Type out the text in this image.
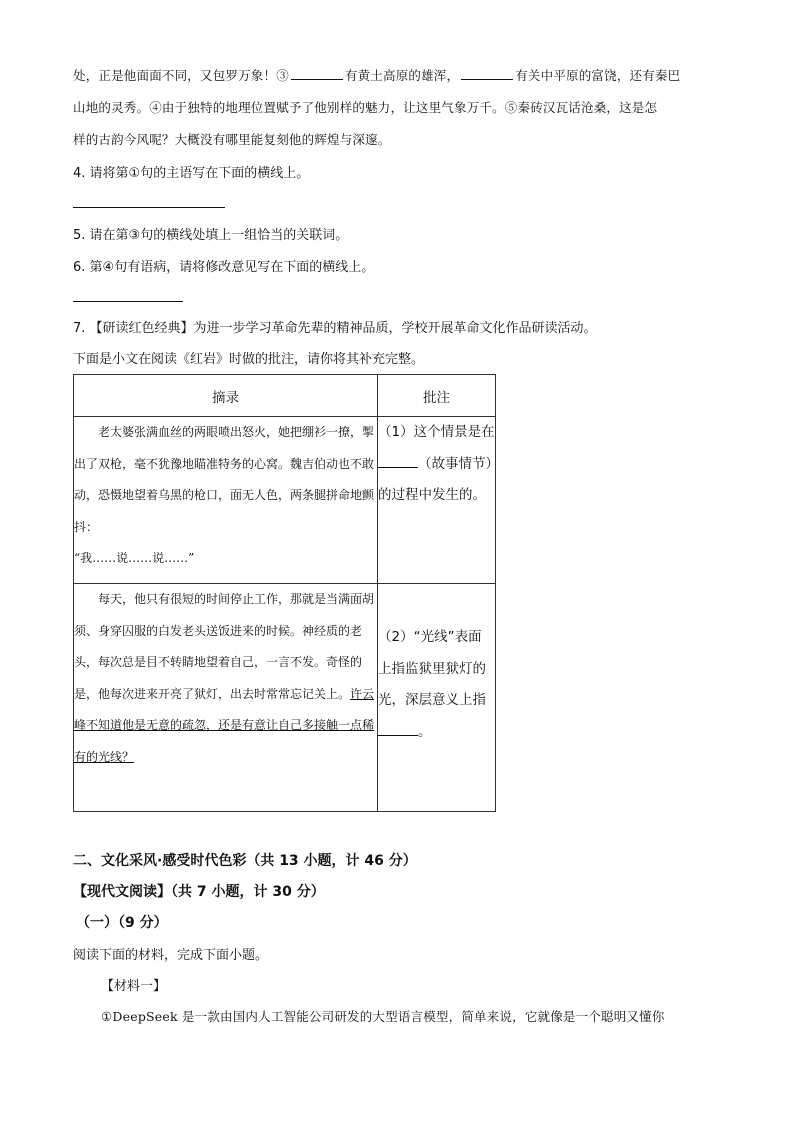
处，正是他面面不同，又包罗万象！③	有黄土高原的雄浑，	有关中平原的富饶，还有秦巴
山地的灵秀。④由于独特的地理位置赋予了他别样的魅力，让这里气象万千。⑤秦砖汉瓦话沧桑，这是怎
样的古韵今风呢？大概没有哪里能复刻他的辉煌与深邃。
4. 请将第①句的主语写在下面的横线上。
5. 请在第③句的横线处填上一组恰当的关联词。
6. 第④句有语病，请将修改意见写在下面的横线上。
7. 【研读红色经典】为进一步学习革命先辈的精神品质，学校开展革命文化作品研读活动。
下面是小文在阅读《红岩》时做的批注，请你将其补充完整。
摘录	批注

老太婆张满血丝的两眼喷出怒火，她把绷衫一撩，掣出了双枪，毫不犹豫地瞄准特务的心窝。魏吉伯动也不敢动，恐慑地望着乌黑的枪口，面无人色，两条腿拼命地颤抖：

“我……说……说……”	（1）这个情景是在（故事情节）的过程中发生的。

每天，他只有很短的时间停止工作，那就是当满面胡须、身穿囚服的白发老头送饭进来的时候。神经质的老头，每次总是目不转睛地望着自己，一言不发。奇怪的是，他每次进来开亮了狱灯，出去时常常忘记关上。许云峰不知道他是无意的疏忽，还是有意让自己多接触一点稀有的光线？	（2）“光线”表面上指监狱里狱灯的光，深层意义上指
。
二、文化采风·感受时代色彩（共 13 小题，计 46 分）
【现代文阅读】（共 7 小题，计 30 分）
（一）（9 分）
阅读下面的材料，完成下面小题。
【材料一】
①DeepSeek 是一款由国内人工智能公司研发的大型语言模型，简单来说，它就像是一个聪明又懂你
